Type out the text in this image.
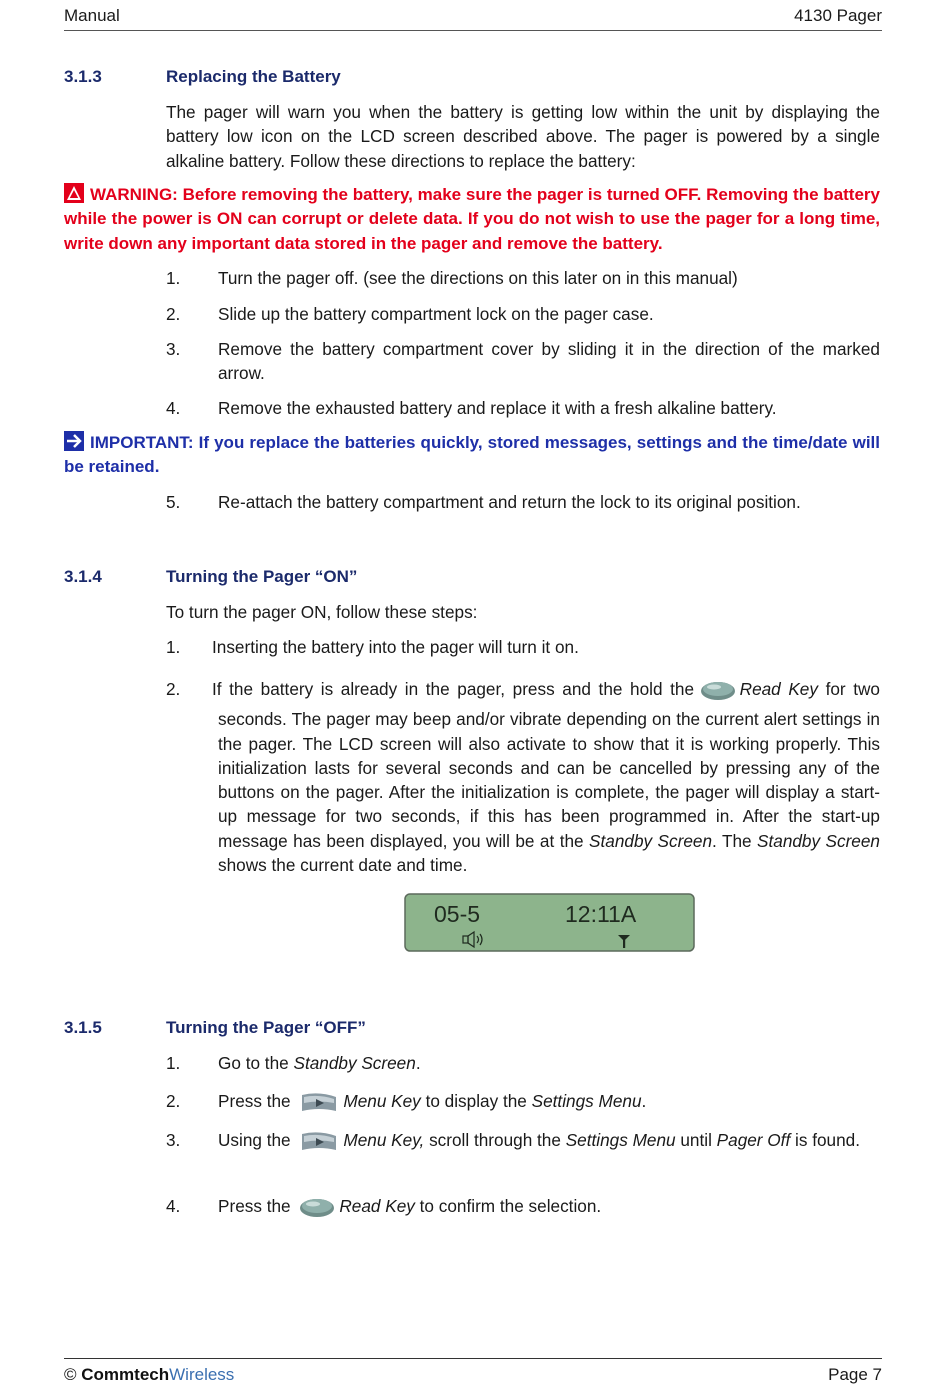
Manual	4130 Pager
3.1.3	Replacing the Battery
The pager will warn you when the battery is getting low within the unit by displaying the battery low icon on the LCD screen described above. The pager is powered by a single alkaline battery. Follow these directions to replace the battery:
WARNING: Before removing the battery, make sure the pager is turned OFF. Removing the battery while the power is ON can corrupt or delete data. If you do not wish to use the pager for a long time, write down any important data stored in the pager and remove the battery.
1. Turn the pager off. (see the directions on this later on in this manual)
2. Slide up the battery compartment lock on the pager case.
3. Remove the battery compartment cover by sliding it in the direction of the marked arrow.
4. Remove the exhausted battery and replace it with a fresh alkaline battery.
IMPORTANT: If you replace the batteries quickly, stored messages, settings and the time/date will be retained.
5. Re-attach the battery compartment and return the lock to its original position.
3.1.4	Turning the Pager “ON”
To turn the pager ON, follow these steps:
1. Inserting the battery into the pager will turn it on.
2. If the battery is already in the pager, press and the hold the	Read Key for two seconds. The pager may beep and/or vibrate depending on the current alert settings in the pager. The LCD screen will also activate to show that it is working properly. This initialization lasts for several seconds and can be cancelled by pressing any of the buttons on the pager. After the initialization is complete, the pager will display a start-up message for two seconds, if this has been programmed in. After the start-up message has been displayed, you will be at the Standby Screen. The Standby Screen shows the current date and time.
05-5	12:11A
3.1.5	Turning the Pager “OFF”
1. Go to the Standby Screen.
2. Press the	Menu Key to display the Settings Menu.
3. Using the	Menu Key, scroll through the Settings Menu until Pager Off is found.
4. Press the	Read Key to confirm the selection.
© CommtechWireless	Page 7
